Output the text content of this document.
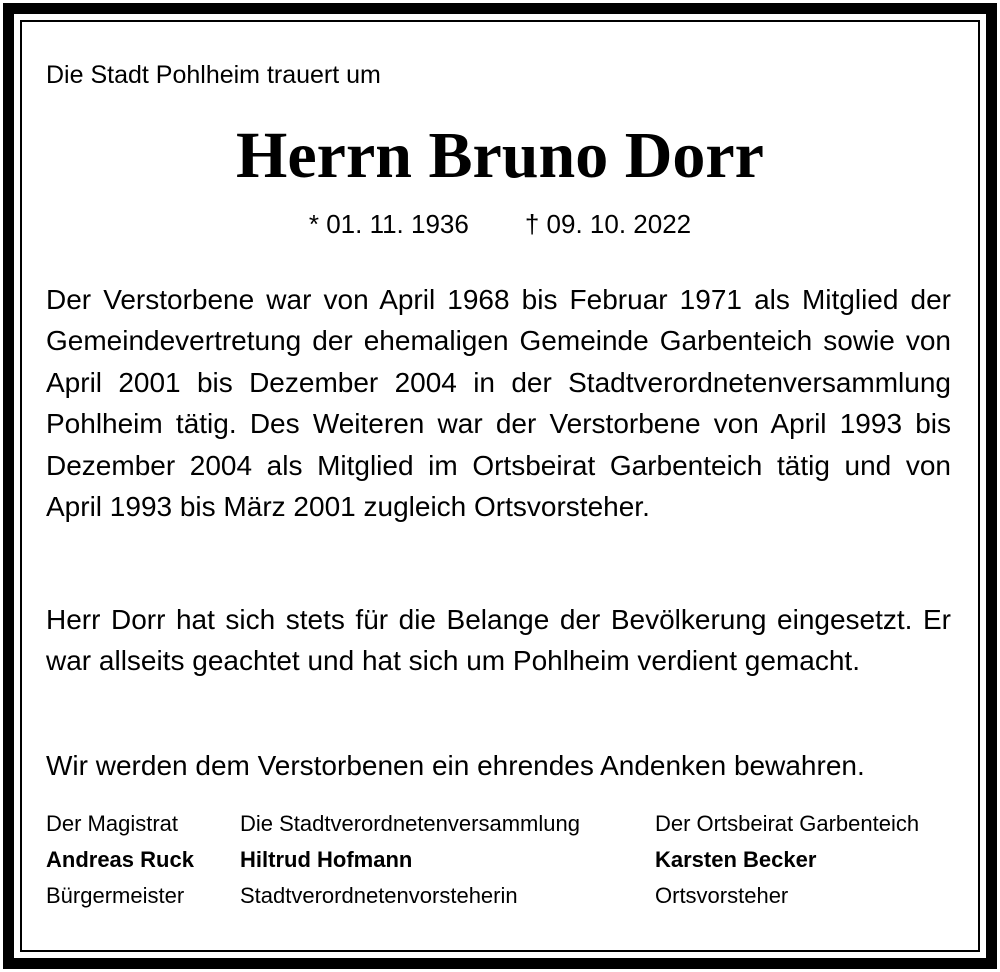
Die Stadt Pohlheim trauert um
Herrn Bruno Dorr
* 01. 11. 1936 † 09. 10. 2022

Der Verstorbene war von April 1968 bis Februar 1971 als Mitglied der Gemeindevertretung der ehemaligen Gemeinde Garbenteich sowie von April 2001 bis Dezember 2004 in der Stadtverordnetenversammlung Pohlheim tätig. Des Weiteren war der Verstorbene von April 1993 bis Dezember 2004 als Mitglied im Ortsbeirat Garbenteich tätig und von April 1993 bis März 2001 zugleich Ortsvorsteher.

Herr Dorr hat sich stets für die Belange der Bevölkerung eingesetzt. Er war allseits geachtet und hat sich um Pohlheim verdient gemacht.

Wir werden dem Verstorbenen ein ehrendes Andenken bewahren.

Der Magistrat
Andreas Ruck
Bürgermeister
Die Stadtverordnetenversammlung
Hiltrud Hofmann
Stadtverordnetenvorsteherin
Der Ortsbeirat Garbenteich
Karsten Becker
Ortsvorsteher
